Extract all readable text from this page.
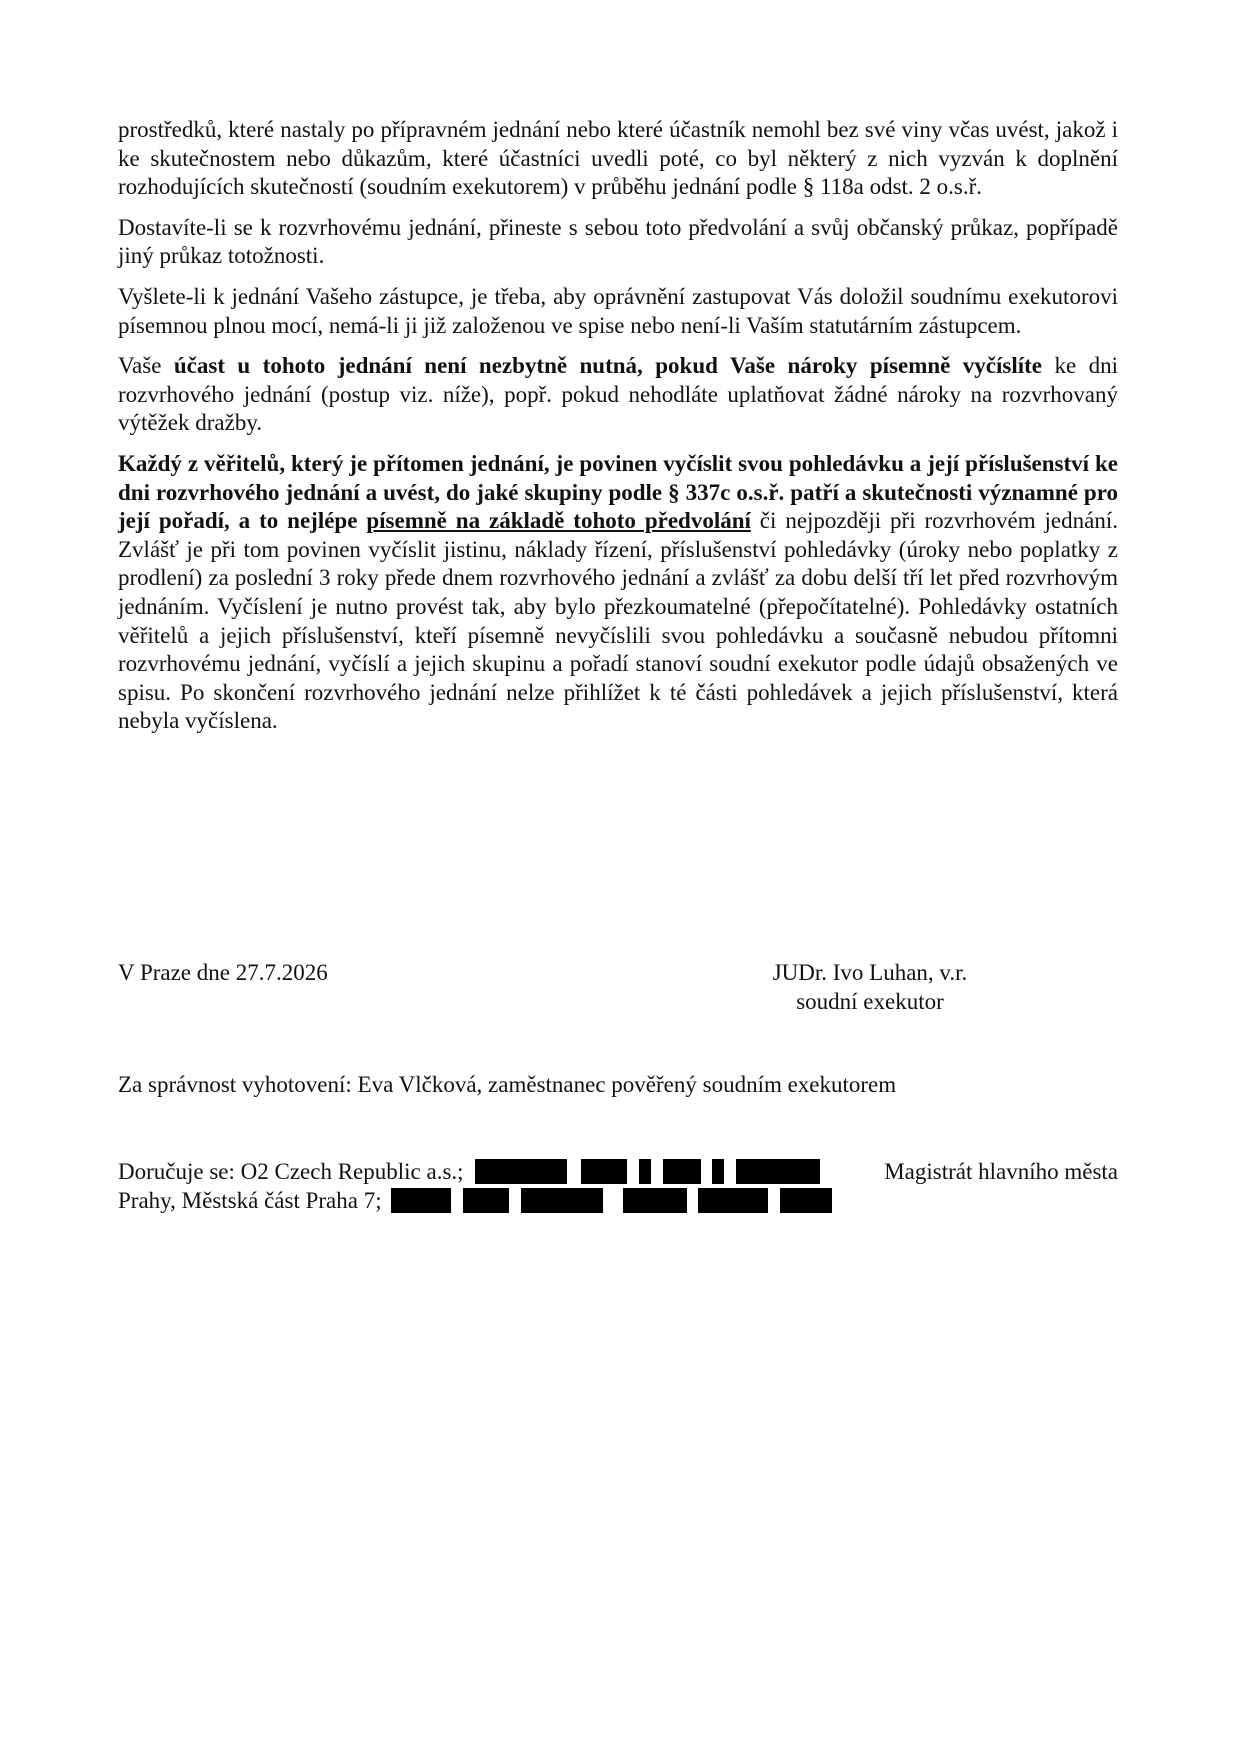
prostředků, které nastaly po přípravném jednání nebo které účastník nemohl bez své viny včas uvést, jakož i ke skutečnostem nebo důkazům, které účastníci uvedli poté, co byl některý z nich vyzván k doplnění rozhodujících skutečností (soudním exekutorem) v průběhu jednání podle § 118a odst. 2 o.s.ř.

Dostavíte-li se k rozvrhovému jednání, přineste s sebou toto předvolání a svůj občanský průkaz, popřípadě jiný průkaz totožnosti.

Vyšlete-li k jednání Vašeho zástupce, je třeba, aby oprávnění zastupovat Vás doložil soudnímu exekutorovi písemnou plnou mocí, nemá-li ji již založenou ve spise nebo není-li Vaším statutárním zástupcem.

Vaše účast u tohoto jednání není nezbytně nutná, pokud Vaše nároky písemně vyčíslíte ke dni rozvrhového jednání (postup viz. níže), popř. pokud nehodláte uplatňovat žádné nároky na rozvrhovaný výtěžek dražby.

Každý z věřitelů, který je přítomen jednání, je povinen vyčíslit svou pohledávku a její příslušenství ke dni rozvrhového jednání a uvést, do jaké skupiny podle § 337c o.s.ř. patří a skutečnosti významné pro její pořadí, a to nejlépe písemně na základě tohoto předvolání či nejpozději při rozvrhovém jednání. Zvlášť je při tom povinen vyčíslit jistinu, náklady řízení, příslušenství pohledávky (úroky nebo poplatky z prodlení) za poslední 3 roky přede dnem rozvrhového jednání a zvlášť za dobu delší tří let před rozvrhovým jednáním. Vyčíslení je nutno provést tak, aby bylo přezkoumatelné (přepočítatelné). Pohledávky ostatních věřitelů a jejich příslušenství, kteří písemně nevyčíslili svou pohledávku a současně nebudou přítomni rozvrhovému jednání, vyčíslí a jejich skupinu a pořadí stanoví soudní exekutor podle údajů obsažených ve spisu. Po skončení rozvrhového jednání nelze přihlížet k té části pohledávek a jejich příslušenství, která nebyla vyčíslena.

V Praze dne 27.7.2026	JUDr. Ivo Luhan, v.r.
soudní exekutor
Za správnost vyhotovení: Eva Vlčková, zaměstnanec pověřený soudním exekutorem
Doručuje se: O2 Czech Republic a.s.;	Magistrát hlavního města
Prahy, Městská část Praha 7;
